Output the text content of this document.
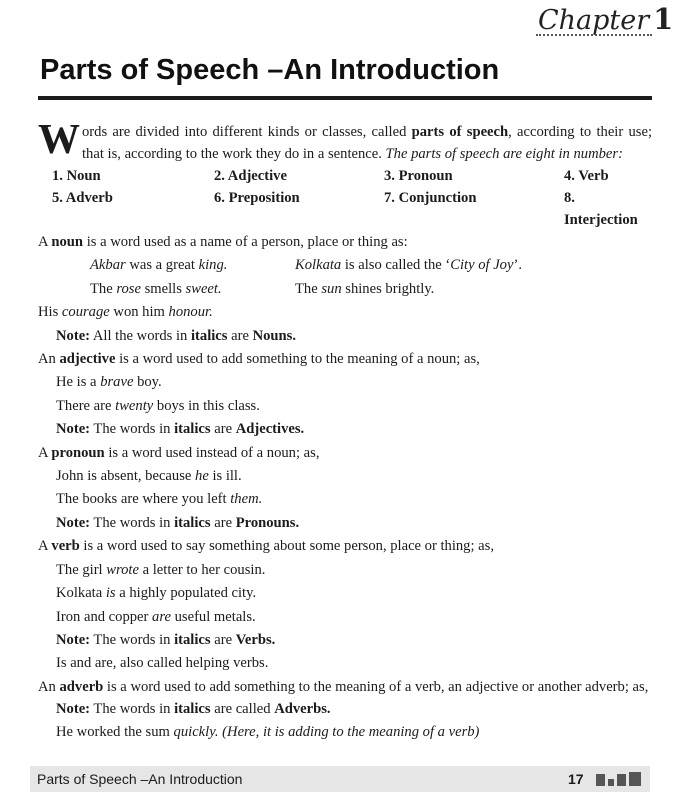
Chapter 1
Parts of Speech –An Introduction

Words are divided into different kinds or classes, called parts of speech, according to their use; that is, according to the work they do in a sentence. The parts of speech are eight in number:

1. Noun	2. Adjective	3. Pronoun	4. Verb
5. Adverb	6. Preposition	7. Conjunction	8. Interjection
A noun is a word used as a name of a person, place or thing as:
Akbar was a great king.	Kolkata is also called the ‘City of Joy’.
The rose smells sweet.	The sun shines brightly.
His courage won him honour.
Note: All the words in italics are Nouns.
An adjective is a word used to add something to the meaning of a noun; as,
He is a brave boy.
There are twenty boys in this class.
Note: The words in italics are Adjectives.
A pronoun is a word used instead of a noun; as,
John is absent, because he is ill.
The books are where you left them.
Note: The words in italics are Pronouns.
A verb is a word used to say something about some person, place or thing; as,
The girl wrote a letter to her cousin.
Kolkata is a highly populated city.
Iron and copper are useful metals.
Note: The words in italics are Verbs.
Is and are, also called helping verbs.
An adverb is a word used to add something to the meaning of a verb, an adjective or another adverb; as,
Note: The words in italics are called Adverbs.
He worked the sum quickly. (Here, it is adding to the meaning of a verb)
Parts of Speech –An Introduction	17
